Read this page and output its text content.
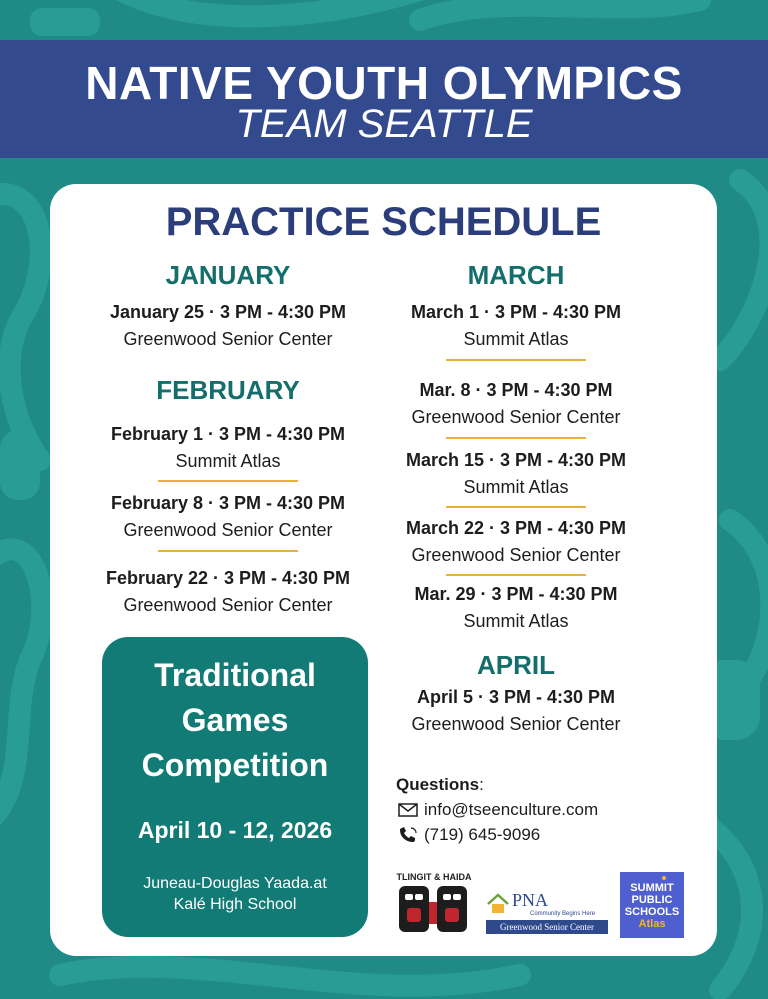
NATIVE YOUTH OLYMPICS
TEAM SEATTLE
PRACTICE SCHEDULE
JANUARY
January 25 · 3 PM - 4:30 PM
Greenwood Senior Center
FEBRUARY
February 1 · 3 PM - 4:30 PM
Summit Atlas
February 8 · 3 PM - 4:30 PM
Greenwood Senior Center
February 22 · 3 PM - 4:30 PM
Greenwood Senior Center
MARCH
March 1 · 3 PM - 4:30 PM
Summit Atlas
Mar. 8 · 3 PM - 4:30 PM
Greenwood Senior Center
March 15 · 3 PM - 4:30 PM
Summit Atlas
March 22 · 3 PM - 4:30 PM
Greenwood Senior Center
Mar. 29 · 3 PM - 4:30 PM
Summit Atlas
APRIL
April 5 · 3 PM - 4:30 PM
Greenwood Senior Center
Traditional
Games
Competition
April 10 - 12, 2026
Juneau-Douglas Yaada.at
Kalé High School
Questions:
info@tseenculture.com
(719) 645-9096
TLINGIT & HAIDA
PNA
Community Begins Here
Greenwood Senior Center
SUMMIT
PUBLIC
SCHOOLS
Atlas
